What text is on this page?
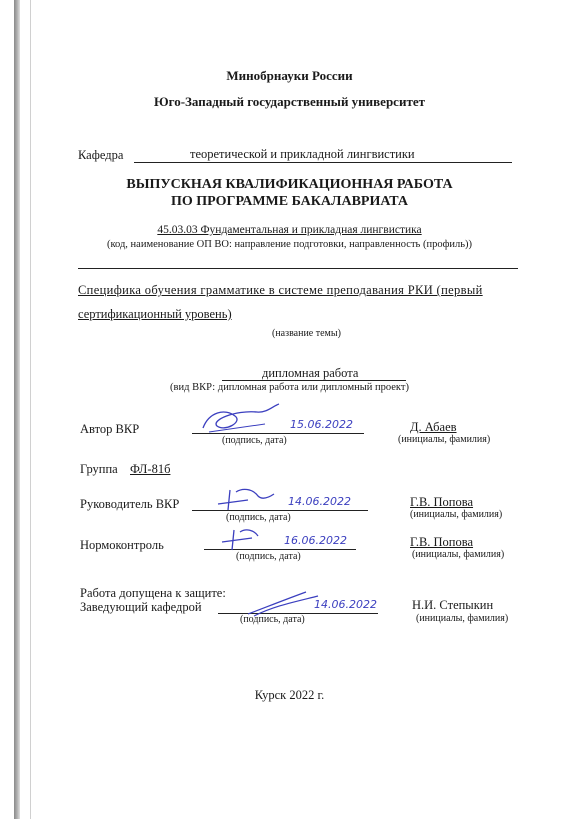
Минобрнауки России
Юго-Западный государственный университет
Кафедра	теоретической и прикладной лингвистики
ВЫПУСКНАЯ КВАЛИФИКАЦИОННАЯ РАБОТА
ПО ПРОГРАММЕ БАКАЛАВРИАТА
45.03.03 Фундаментальная и прикладная лингвистика
(код, наименование ОП ВО: направление подготовки, направленность (профиль))
Специфика обучения грамматике в системе преподавания РКИ (первый
сертификационный уровень)
(название темы)
дипломная работа
(вид ВКР: дипломная работа или дипломный проект)
Автор ВКР	15.06.2022
(подпись, дата)
Д. Абаев
(инициалы, фамилия)
Группа ФЛ-81б
Руководитель ВКР	14.06.2022
(подпись, дата)
Г.В. Попова
(инициалы, фамилия)
Нормоконтроль	16.06.2022
(подпись, дата)
Г.В. Попова
(инициалы, фамилия)
Работа допущена к защите:
Заведующий кафедрой	14.06.2022
(подпись, дата)
Н.И. Степыкин
(инициалы, фамилия)
Курск 2022 г.
